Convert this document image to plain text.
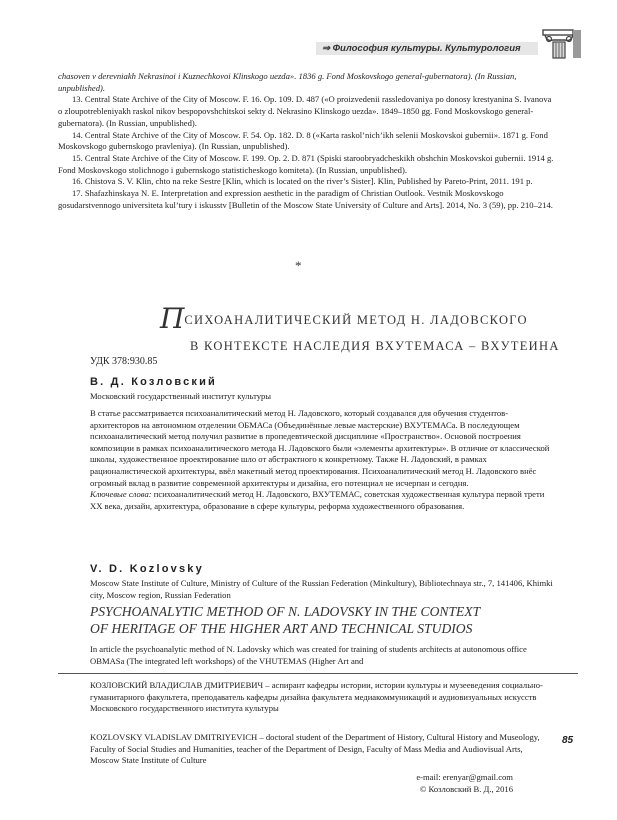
⇒ Философия культуры. Культурология

chasoven v derevniakh Nekrasinoi i Kuznechkovoi Klinskogo uezda». 1836 g. Fond Moskovskogo general-gubernatora). (In Russian, unpublished).

13. Central State Archive of the City of Moscow. F. 16. Op. 109. D. 487 («O proizvedenii rassledovaniya po donosy krestyanina S. Ivanova o zloupotrebleniyakh raskol nikov bespopovshchitskoi sekty d. Nekrasino Klinskogo uezda». 1849–1850 gg. Fond Moskovskogo general-gubernatora). (In Russian, unpublished).

14. Central State Archive of the City of Moscow. F. 54. Op. 182. D. 8 («Karta raskol’nich’ikh selenii Moskovskoi gubernii». 1871 g. Fond Moskovskogo gubernskogo pravleniya). (In Russian, unpublished).

15. Central State Archive of the City of Moscow. F. 199. Op. 2. D. 871 (Spiski staroobryadcheskikh obshchin Moskovskoi gubernii. 1914 g. Fond Moskovskogo stolichnogo i gubernskogo statisticheskogo komiteta). (In Russian, unpublished).

16. Chistova S. V. Klin, chto na reke Sestre [Klin, which is located on the river’s Sister]. Klin, Published by Pareto-Print, 2011. 191 p.

17. Shafazhinskaya N. E. Interpretation and expression aesthetic in the paradigm of Christian Outlook. Vestnik Moskovskogo gosudarstvennogo universiteta kul’tury i iskusstv [Bulletin of the Moscow State University of Culture and Arts]. 2014, No. 3 (59), pp. 210–214.

*
ПСИХОАНАЛИТИЧЕСКИЙ МЕТОД Н. ЛАДОВСКОГО
В КОНТЕКСТЕ НАСЛЕДИЯ ВХУТЕМАСА – ВХУТЕИНА
УДК 378:930.85
В. Д. Козловский
Московский государственный институт культуры

В статье рассматривается психоаналитический метод Н. Ладовского, который создавался для обучения студентов-архитекторов на автономном отделении ОБМАСа (Объединённые левые мастерские) ВХУТЕМАСа. В последующем психоаналитический метод получил развитие в пропедевтической дисциплине «Пространство». Основой построения композиции в рамках психоаналитического метода Н. Ладовского были «элементы архитектуры». В отличие от классической школы, художественное проектирование шло от абстрактного к конкретному. Также Н. Ладовский, в рамках рационалистической архитектуры, ввёл макетный метод проектирования. Психоаналитический метод Н. Ладовского внёс огромный вклад в развитие современной архитектуры и дизайна, его потенциал не исчерпан и сегодня.

Ключевые слова: психоаналитический метод Н. Ладовского, ВХУТЕМАС, советская художественная культура первой трети XX века, дизайн, архитектура, образование в сфере культуры, реформа художественного образования.

V. D. Kozlovsky
Moscow State Institute of Culture, Ministry of Culture of the Russian Federation (Minkultury), Bibliotechnaya str., 7, 141406, Khimki city, Moscow region, Russian Federation
PSYCHOANALYTIC METHOD OF N. LADOVSKY IN THE CONTEXT
OF HERITAGE OF THE HIGHER ART AND TECHNICAL STUDIOS
In article the psychoanalytic method of N. Ladovsky which was created for training of students architects at autonomous office OBMASa (The integrated left workshops) of the VHUTEMAS (Higher Art and
КОЗЛОВСКИЙ ВЛАДИСЛАВ ДМИТРИЕВИЧ – аспирант кафедры истории, истории культуры и музееведения социально-гуманитарного факультета, преподаватель кафедры дизайна факультета медиакоммуникаций и аудиовизуальных искусств Московского государственного института культуры
KOZLOVSKY VLADISLAV DMITRIYEVICH – doctoral student of the Department of History, Cultural History and Museology, Faculty of Social Studies and Humanities, teacher of the Department of Design, Faculty of Mass Media and Audiovisual Arts, Moscow State Institute of Culture
85
e-mail: erenyar@gmail.com
© Козловский В. Д., 2016
